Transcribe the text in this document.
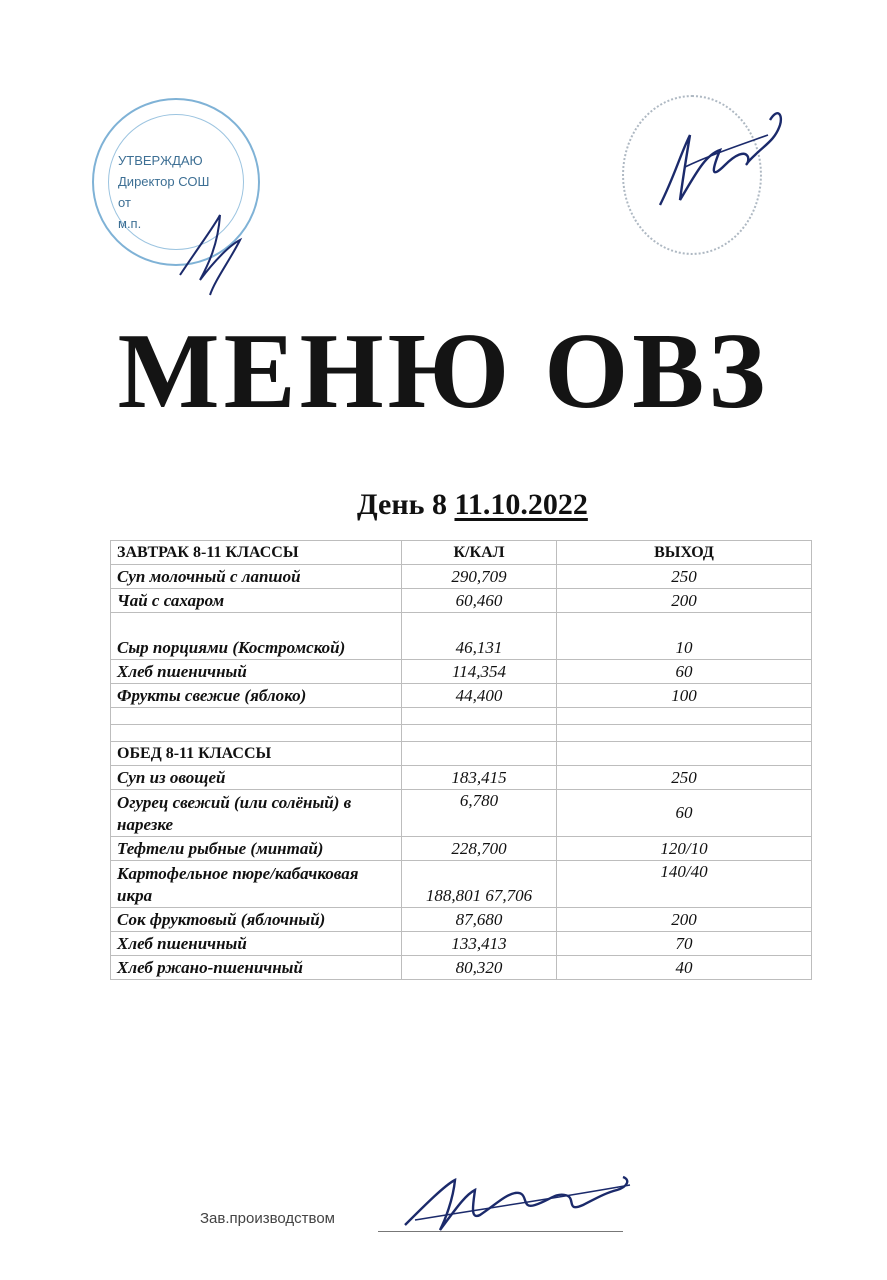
УТВЕРЖДАЮ
Директор СОШ
от
м.п.
МЕНЮ ОВЗ
День 8 11.10.2022
ЗАВТРАК 8-11 КЛАССЫ	К/КАЛ	ВЫХОД
Суп молочный с лапшой	290,709	250
Чай с сахаром	60,460	200
Сыр порциями (Костромской)	46,131	10
Хлеб пшеничный	114,354	60
Фрукты свежие (яблоко)	44,400	100

ОБЕД 8-11 КЛАССЫ		
Суп из овощей	183,415	250
Огурец свежий (или солёный) в нарезке	6,780	60
Тефтели рыбные (минтай)	228,700	120/10
Картофельное пюре/кабачковая икра	188,801 67,706	140/40
Сок фруктовый (яблочный)	87,680	200
Хлеб пшеничный	133,413	70
Хлеб ржано-пшеничный	80,320	40
Зав.производством
